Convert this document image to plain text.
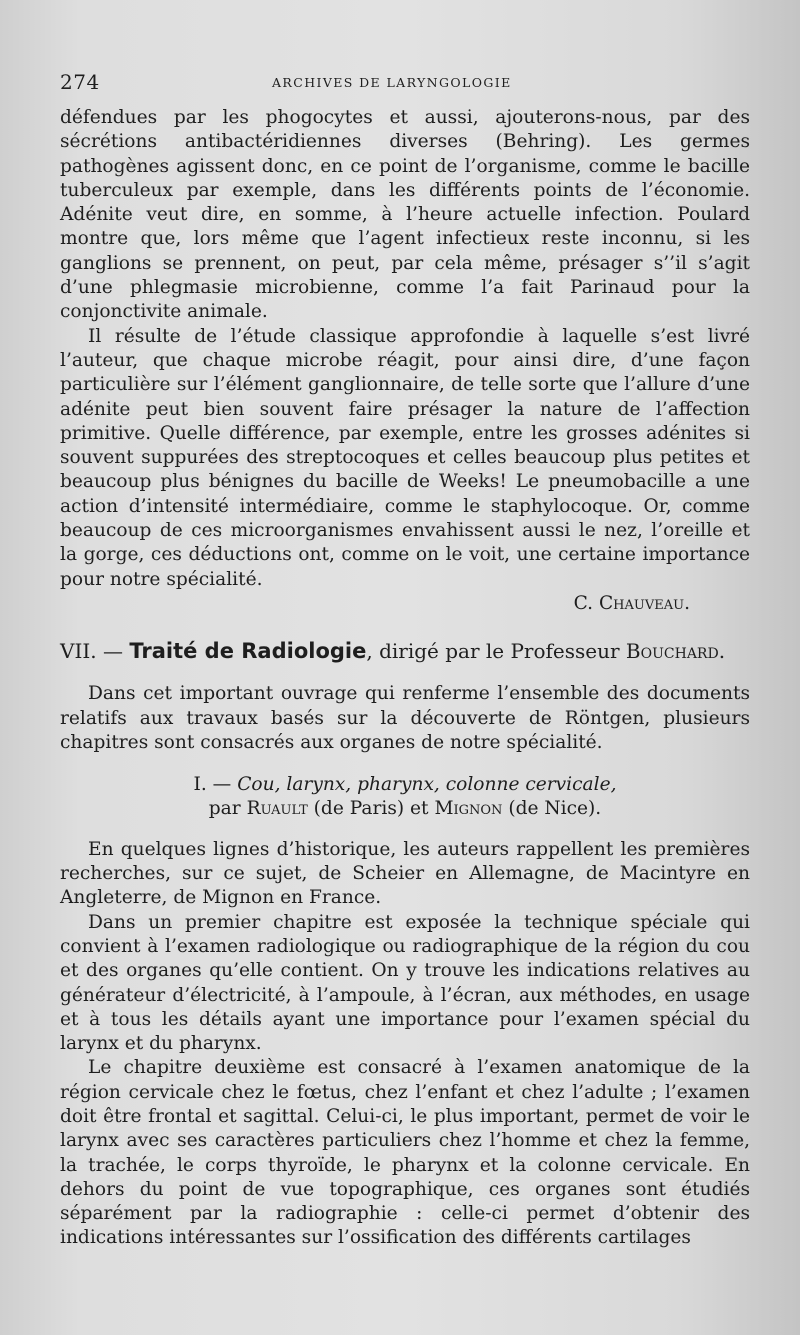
274	ARCHIVES DE LARYNGOLOGIE

défendues par les phogocytes et aussi, ajouterons-nous, par des sécrétions antibactéridiennes diverses (Behring). Les germes pathogènes agissent donc, en ce point de l’organisme, comme le bacille tuberculeux par exemple, dans les différents points de l’économie. Adénite veut dire, en somme, à l’heure actuelle infection. Poulard montre que, lors même que l’agent infectieux reste inconnu, si les ganglions se prennent, on peut, par cela même, présager s’’il s’agit d’une phlegmasie microbienne, comme l’a fait Parinaud pour la conjonctivite animale.

Il résulte de l’étude classique approfondie à laquelle s’est livré l’auteur, que chaque microbe réagit, pour ainsi dire, d’une façon particulière sur l’élément ganglionnaire, de telle sorte que l’allure d’une adénite peut bien souvent faire présager la nature de l’affection primitive. Quelle différence, par exemple, entre les grosses adénites si souvent suppurées des streptocoques et celles beaucoup plus petites et beaucoup plus bénignes du bacille de Weeks! Le pneumobacille a une action d’intensité intermédiaire, comme le staphylocoque. Or, comme beaucoup de ces microorganismes envahissent aussi le nez, l’oreille et la gorge, ces déductions ont, comme on le voit, une certaine importance pour notre spécialité.

C. Chauveau.

VII. — Traité de Radiologie, dirigé par le Professeur Bouchard.

Dans cet important ouvrage qui renferme l’ensemble des documents relatifs aux travaux basés sur la découverte de Röntgen, plusieurs chapitres sont consacrés aux organes de notre spécialité.

I. — Cou, larynx, pharynx, colonne cervicale,
par Ruault (de Paris) et Mignon (de Nice).

En quelques lignes d’historique, les auteurs rappellent les premières recherches, sur ce sujet, de Scheier en Allemagne, de Macintyre en Angleterre, de Mignon en France.

Dans un premier chapitre est exposée la technique spéciale qui convient à l’examen radiologique ou radiographique de la région du cou et des organes qu’elle contient. On y trouve les indications relatives au générateur d’électricité, à l’ampoule, à l’écran, aux méthodes, en usage et à tous les détails ayant une importance pour l’examen spécial du larynx et du pharynx.

Le chapitre deuxième est consacré à l’examen anatomique de la région cervicale chez le fœtus, chez l’enfant et chez l’adulte ; l’examen doit être frontal et sagittal. Celui-ci, le plus important, permet de voir le larynx avec ses caractères particuliers chez l’homme et chez la femme, la trachée, le corps thyroïde, le pharynx et la colonne cervicale. En dehors du point de vue topographique, ces organes sont étudiés séparément par la radiographie : celle-ci permet d’obtenir des indications intéressantes sur l’ossification des différents cartilages
